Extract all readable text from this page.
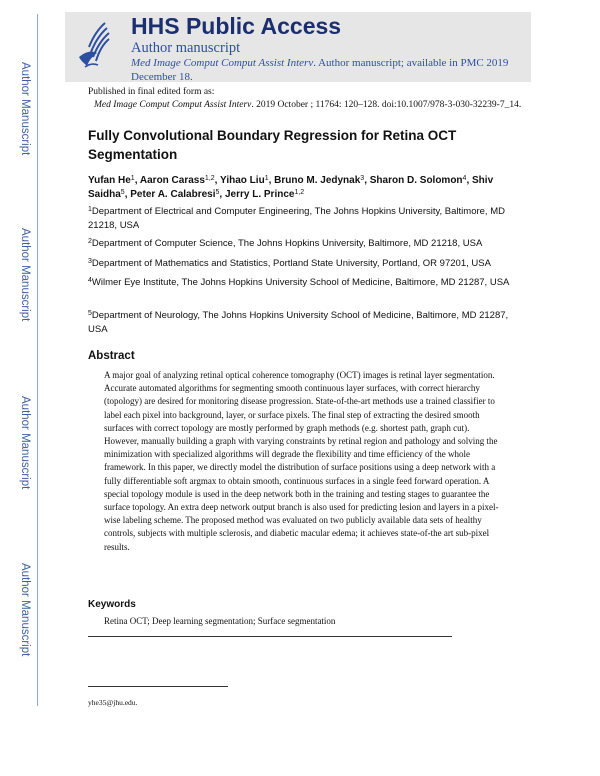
Author Manuscript
Author Manuscript
Author Manuscript
Author Manuscript
HHS Public Access
Author manuscript
Med Image Comput Comput Assist Interv. Author manuscript; available in PMC 2019 December 18.
Published in final edited form as:
Med Image Comput Comput Assist Interv. 2019 October ; 11764: 120–128. doi:10.1007/978-3-030-32239-7_14.
Fully Convolutional Boundary Regression for Retina OCT Segmentation
Yufan He$^1$, Aaron Carass$^{1,2}$, Yihao Liu$^1$, Bruno M. Jedynak$^3$, Sharon D. Solomon$^4$, Shiv Saidha$^5$, Peter A. Calabresi$^5$, Jerry L. Prince$^{1,2}$
$^1$Department of Electrical and Computer Engineering, The Johns Hopkins University, Baltimore, MD 21218, USA
$^2$Department of Computer Science, The Johns Hopkins University, Baltimore, MD 21218, USA
$^3$Department of Mathematics and Statistics, Portland State University, Portland, OR 97201, USA
$^4$Wilmer Eye Institute, The Johns Hopkins University School of Medicine, Baltimore, MD 21287, USA
$^5$Department of Neurology, The Johns Hopkins University School of Medicine, Baltimore, MD 21287, USA
Abstract
A major goal of analyzing retinal optical coherence tomography (OCT) images is retinal layer segmentation. Accurate automated algorithms for segmenting smooth continuous layer surfaces, with correct hierarchy (topology) are desired for monitoring disease progression. State-of-the-art methods use a trained classifier to label each pixel into background, layer, or surface pixels. The final step of extracting the desired smooth surfaces with correct topology are mostly performed by graph methods (e.g. shortest path, graph cut). However, manually building a graph with varying constraints by retinal region and pathology and solving the minimization with specialized algorithms will degrade the flexibility and time efficiency of the whole framework. In this paper, we directly model the distribution of surface positions using a deep network with a fully differentiable soft argmax to obtain smooth, continuous surfaces in a single feed forward operation. A special topology module is used in the deep network both in the training and testing stages to guarantee the surface topology. An extra deep network output branch is also used for predicting lesion and layers in a pixel-wise labeling scheme. The proposed method was evaluated on two publicly available data sets of healthy controls, subjects with multiple sclerosis, and diabetic macular edema; it achieves state-of-the art sub-pixel results.
Keywords
Retina OCT; Deep learning segmentation; Surface segmentation
yhe35@jhu.edu.
